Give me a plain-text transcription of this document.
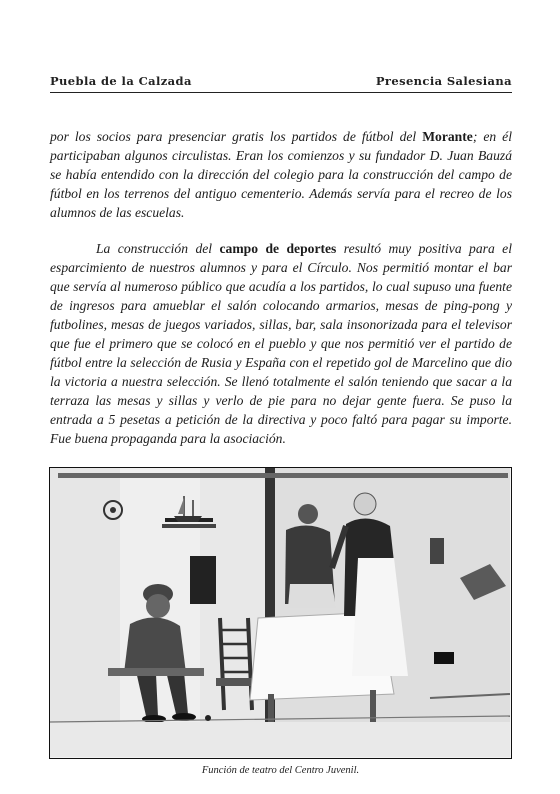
Puebla de la Calzada	Presencia Salesiana

por los socios para presenciar gratis los partidos de fútbol del Morante; en él participaban algunos circulistas. Eran los comienzos y su fundador D. Juan Bauzá se había entendido con la dirección del colegio para la construcción del campo de fútbol en los terrenos del antiguo cementerio. Además servía para el recreo de los alumnos de las escuelas.

La construcción del campo de deportes resultó muy positiva para el esparcimiento de nuestros alumnos y para el Círculo. Nos permitió montar el bar que servía al numeroso público que acudía a los partidos, lo cual supuso una fuente de ingresos para amueblar el salón colocando armarios, mesas de ping-pong y futbolines, mesas de juegos variados, sillas, bar, sala insonorizada para el televisor que fue el primero que se colocó en el pueblo y que nos permitió ver el partido de fútbol entre la selección de Rusia y España con el repetido gol de Marcelino que dio la victoria a nuestra selección. Se llenó totalmente el salón teniendo que sacar a la terraza las mesas y sillas y verlo de pie para no dejar gente fuera. Se puso la entrada a 5 pesetas a petición de la directiva y poco faltó para pagar su importe. Fue buena propaganda para la asociación.

Función de teatro del Centro Juvenil.
